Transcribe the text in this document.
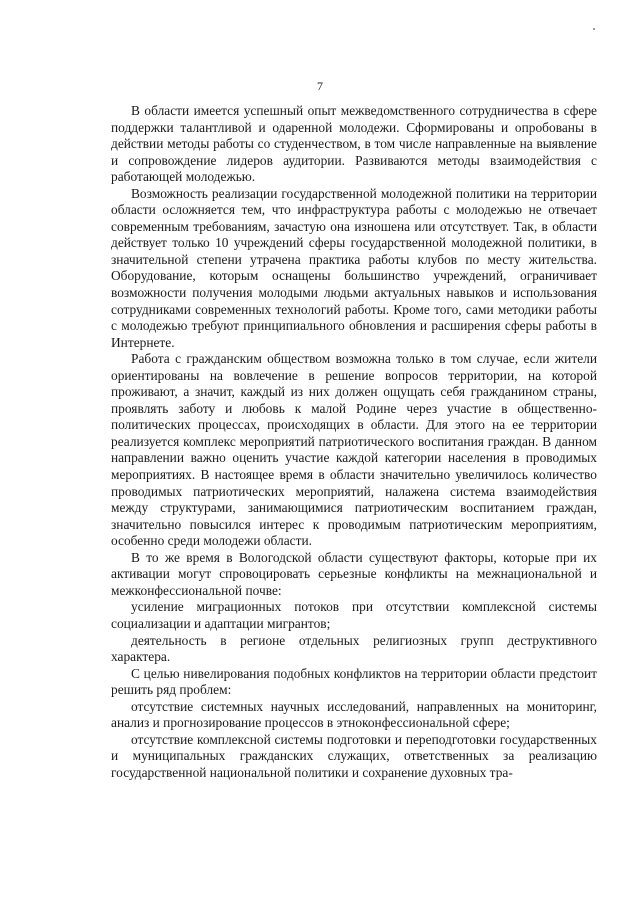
7

В области имеется успешный опыт межведомственного сотрудничества в сфере поддержки талантливой и одаренной молодежи. Сформированы и опробованы в действии методы работы со студенчеством, в том числе направленные на выявление и сопровождение лидеров аудитории. Развиваются методы взаимодействия с работающей молодежью.

Возможность реализации государственной молодежной политики на территории области осложняется тем, что инфраструктура работы с молодежью не отвечает современным требованиям, зачастую она изношена или отсутствует. Так, в области действует только 10 учреждений сферы государственной молодежной политики, в значительной степени утрачена практика работы клубов по месту жительства. Оборудование, которым оснащены большинство учреждений, ограничивает возможности получения молодыми людьми актуальных навыков и использования сотрудниками современных технологий работы. Кроме того, сами методики работы с молодежью требуют принципиального обновления и расширения сферы работы в Интернете.

Работа с гражданским обществом возможна только в том случае, если жители ориентированы на вовлечение в решение вопросов территории, на которой проживают, а значит, каждый из них должен ощущать себя гражданином страны, проявлять заботу и любовь к малой Родине через участие в общественно-политических процессах, происходящих в области. Для этого на ее территории реализуется комплекс мероприятий патриотического воспитания граждан. В данном направлении важно оценить участие каждой категории населения в проводимых мероприятиях. В настоящее время в области значительно увеличилось количество проводимых патриотических мероприятий, налажена система взаимодействия между структурами, занимающимися патриотическим воспитанием граждан, значительно повысился интерес к проводимым патриотическим мероприятиям, особенно среди молодежи области.

В то же время в Вологодской области существуют факторы, которые при их активации могут спровоцировать серьезные конфликты на межнациональной и межконфессиональной почве:

усиление миграционных потоков при отсутствии комплексной системы социализации и адаптации мигрантов;

деятельность в регионе отдельных религиозных групп деструктивного характера.

С целью нивелирования подобных конфликтов на территории области предстоит решить ряд проблем:

отсутствие системных научных исследований, направленных на мониторинг, анализ и прогнозирование процессов в этноконфессиональной сфере;

отсутствие комплексной системы подготовки и переподготовки государственных и муниципальных гражданских служащих, ответственных за реализацию государственной национальной политики и сохранение духовных тра-
